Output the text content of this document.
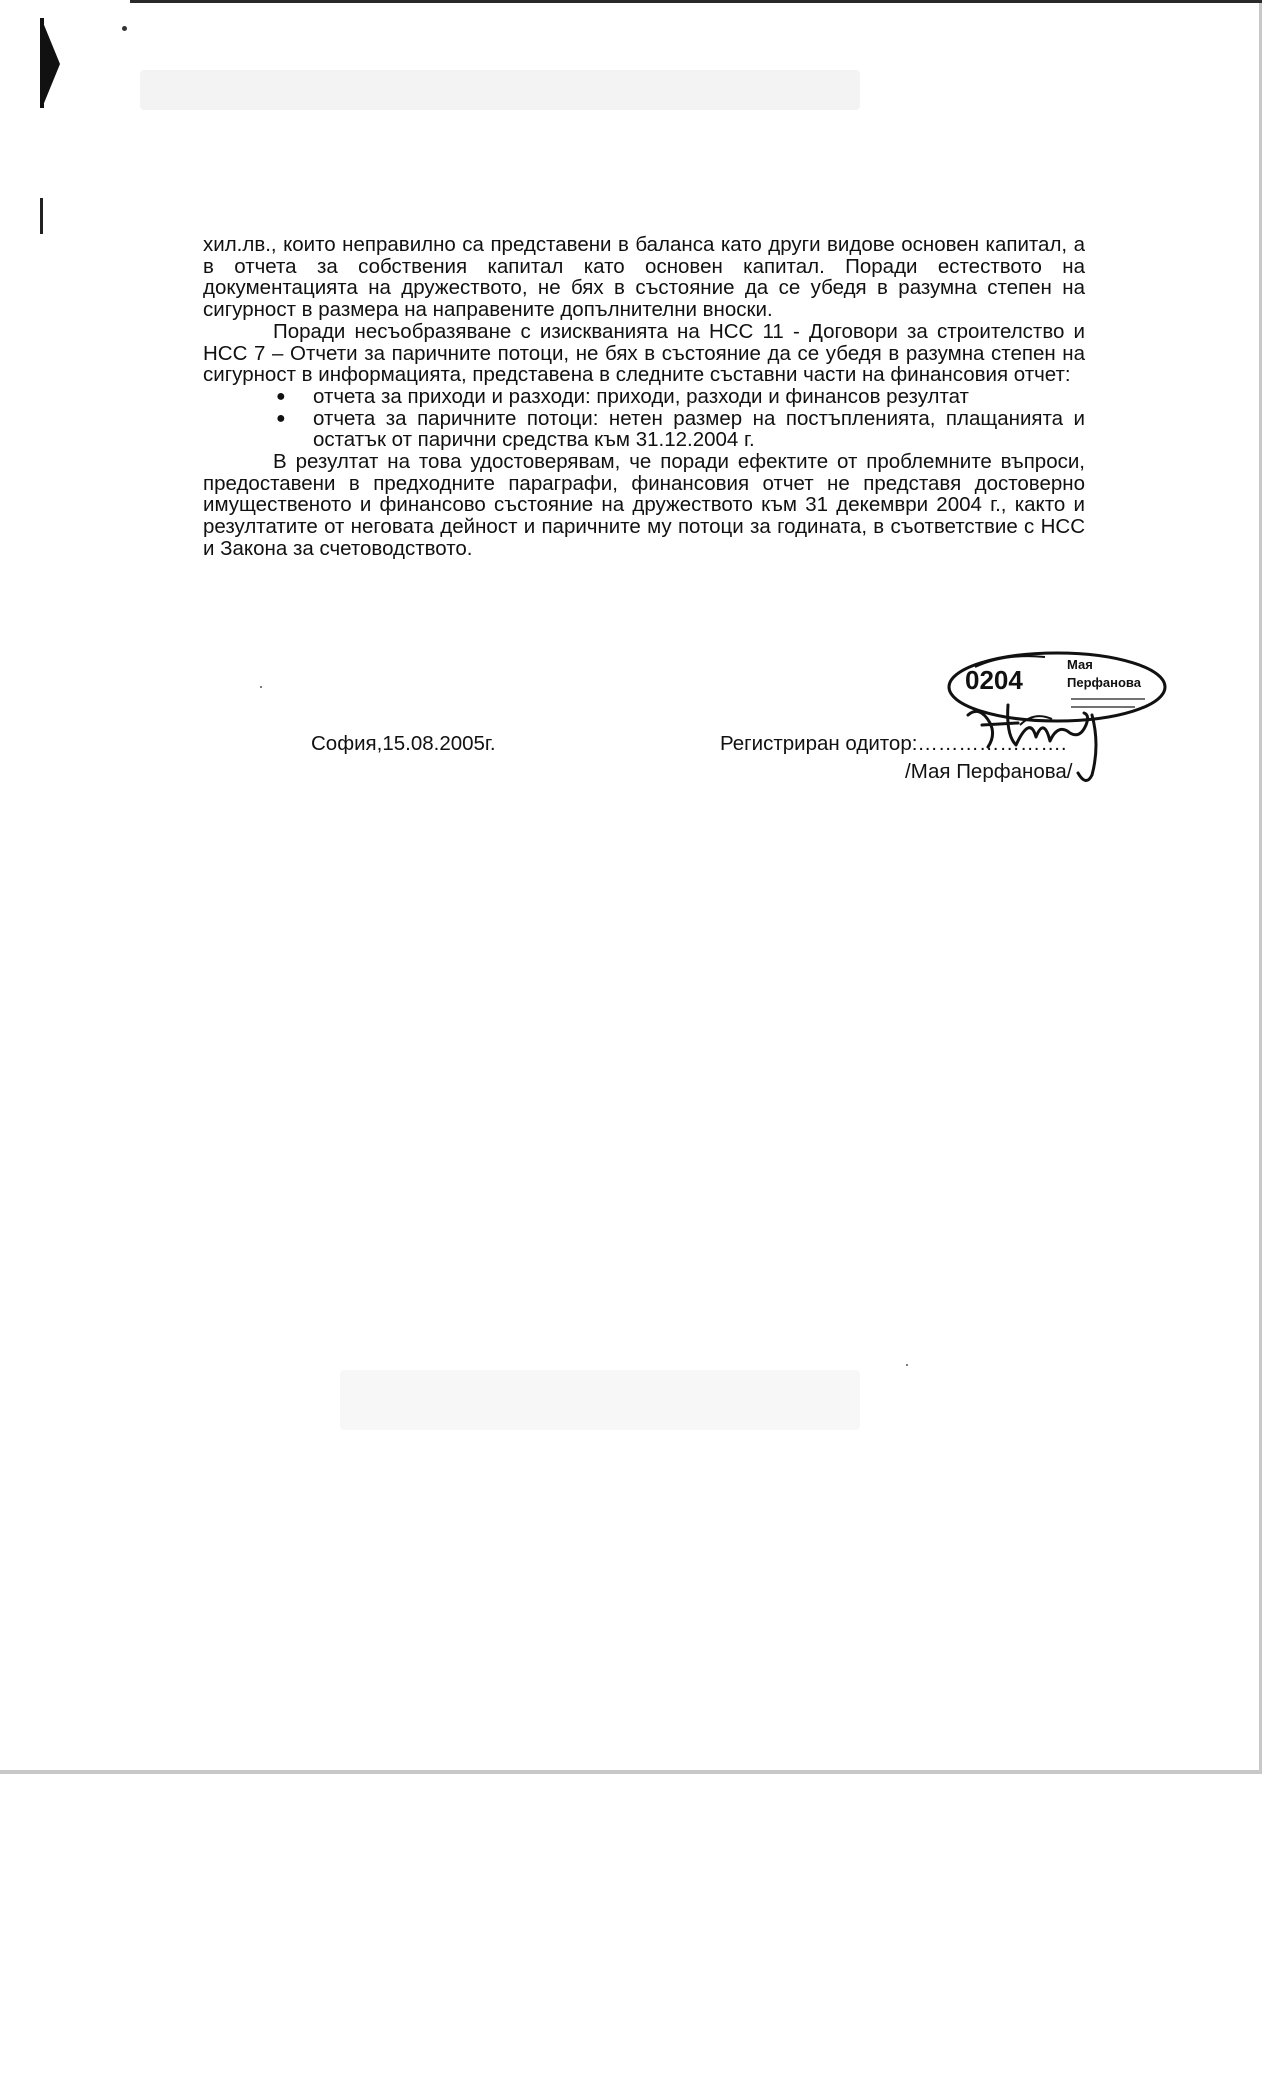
хил.лв., които неправилно са представени в баланса като други видове основен капитал, а в отчета за собствения капитал като основен капитал. Поради естеството на документацията на дружеството, не бях в състояние да се убедя в разумна степен на сигурност в размера на направените допълнителни вноски.

Поради несъобразяване с изискванията на НСС 11 - Договори за строителство и НСС 7 – Отчети за паричните потоци, не бях в състояние да се убедя в разумна степен на сигурност в информацията, представена в следните съставни части на финансовия отчет:

● отчета за приходи и разходи: приходи, разходи и финансов резултат
● отчета за паричните потоци: нетен размер на постъпленията, плащанията и остатък от парични средства към 31.12.2004 г.

В резултат на това удостоверявам, че поради ефектите от проблемните въпроси, предоставени в предходните параграфи, финансовия отчет не представя достоверно имущественото и финансово състояние на дружеството към 31 декември 2004 г., както и резултатите от неговата дейност и паричните му потоци за годината, в съответствие с НСС и Закона за счетоводството.

0204
Мая
Перфанова
София,15.08.2005г.	Регистриран одитор:………………….
/Мая Перфанова/
